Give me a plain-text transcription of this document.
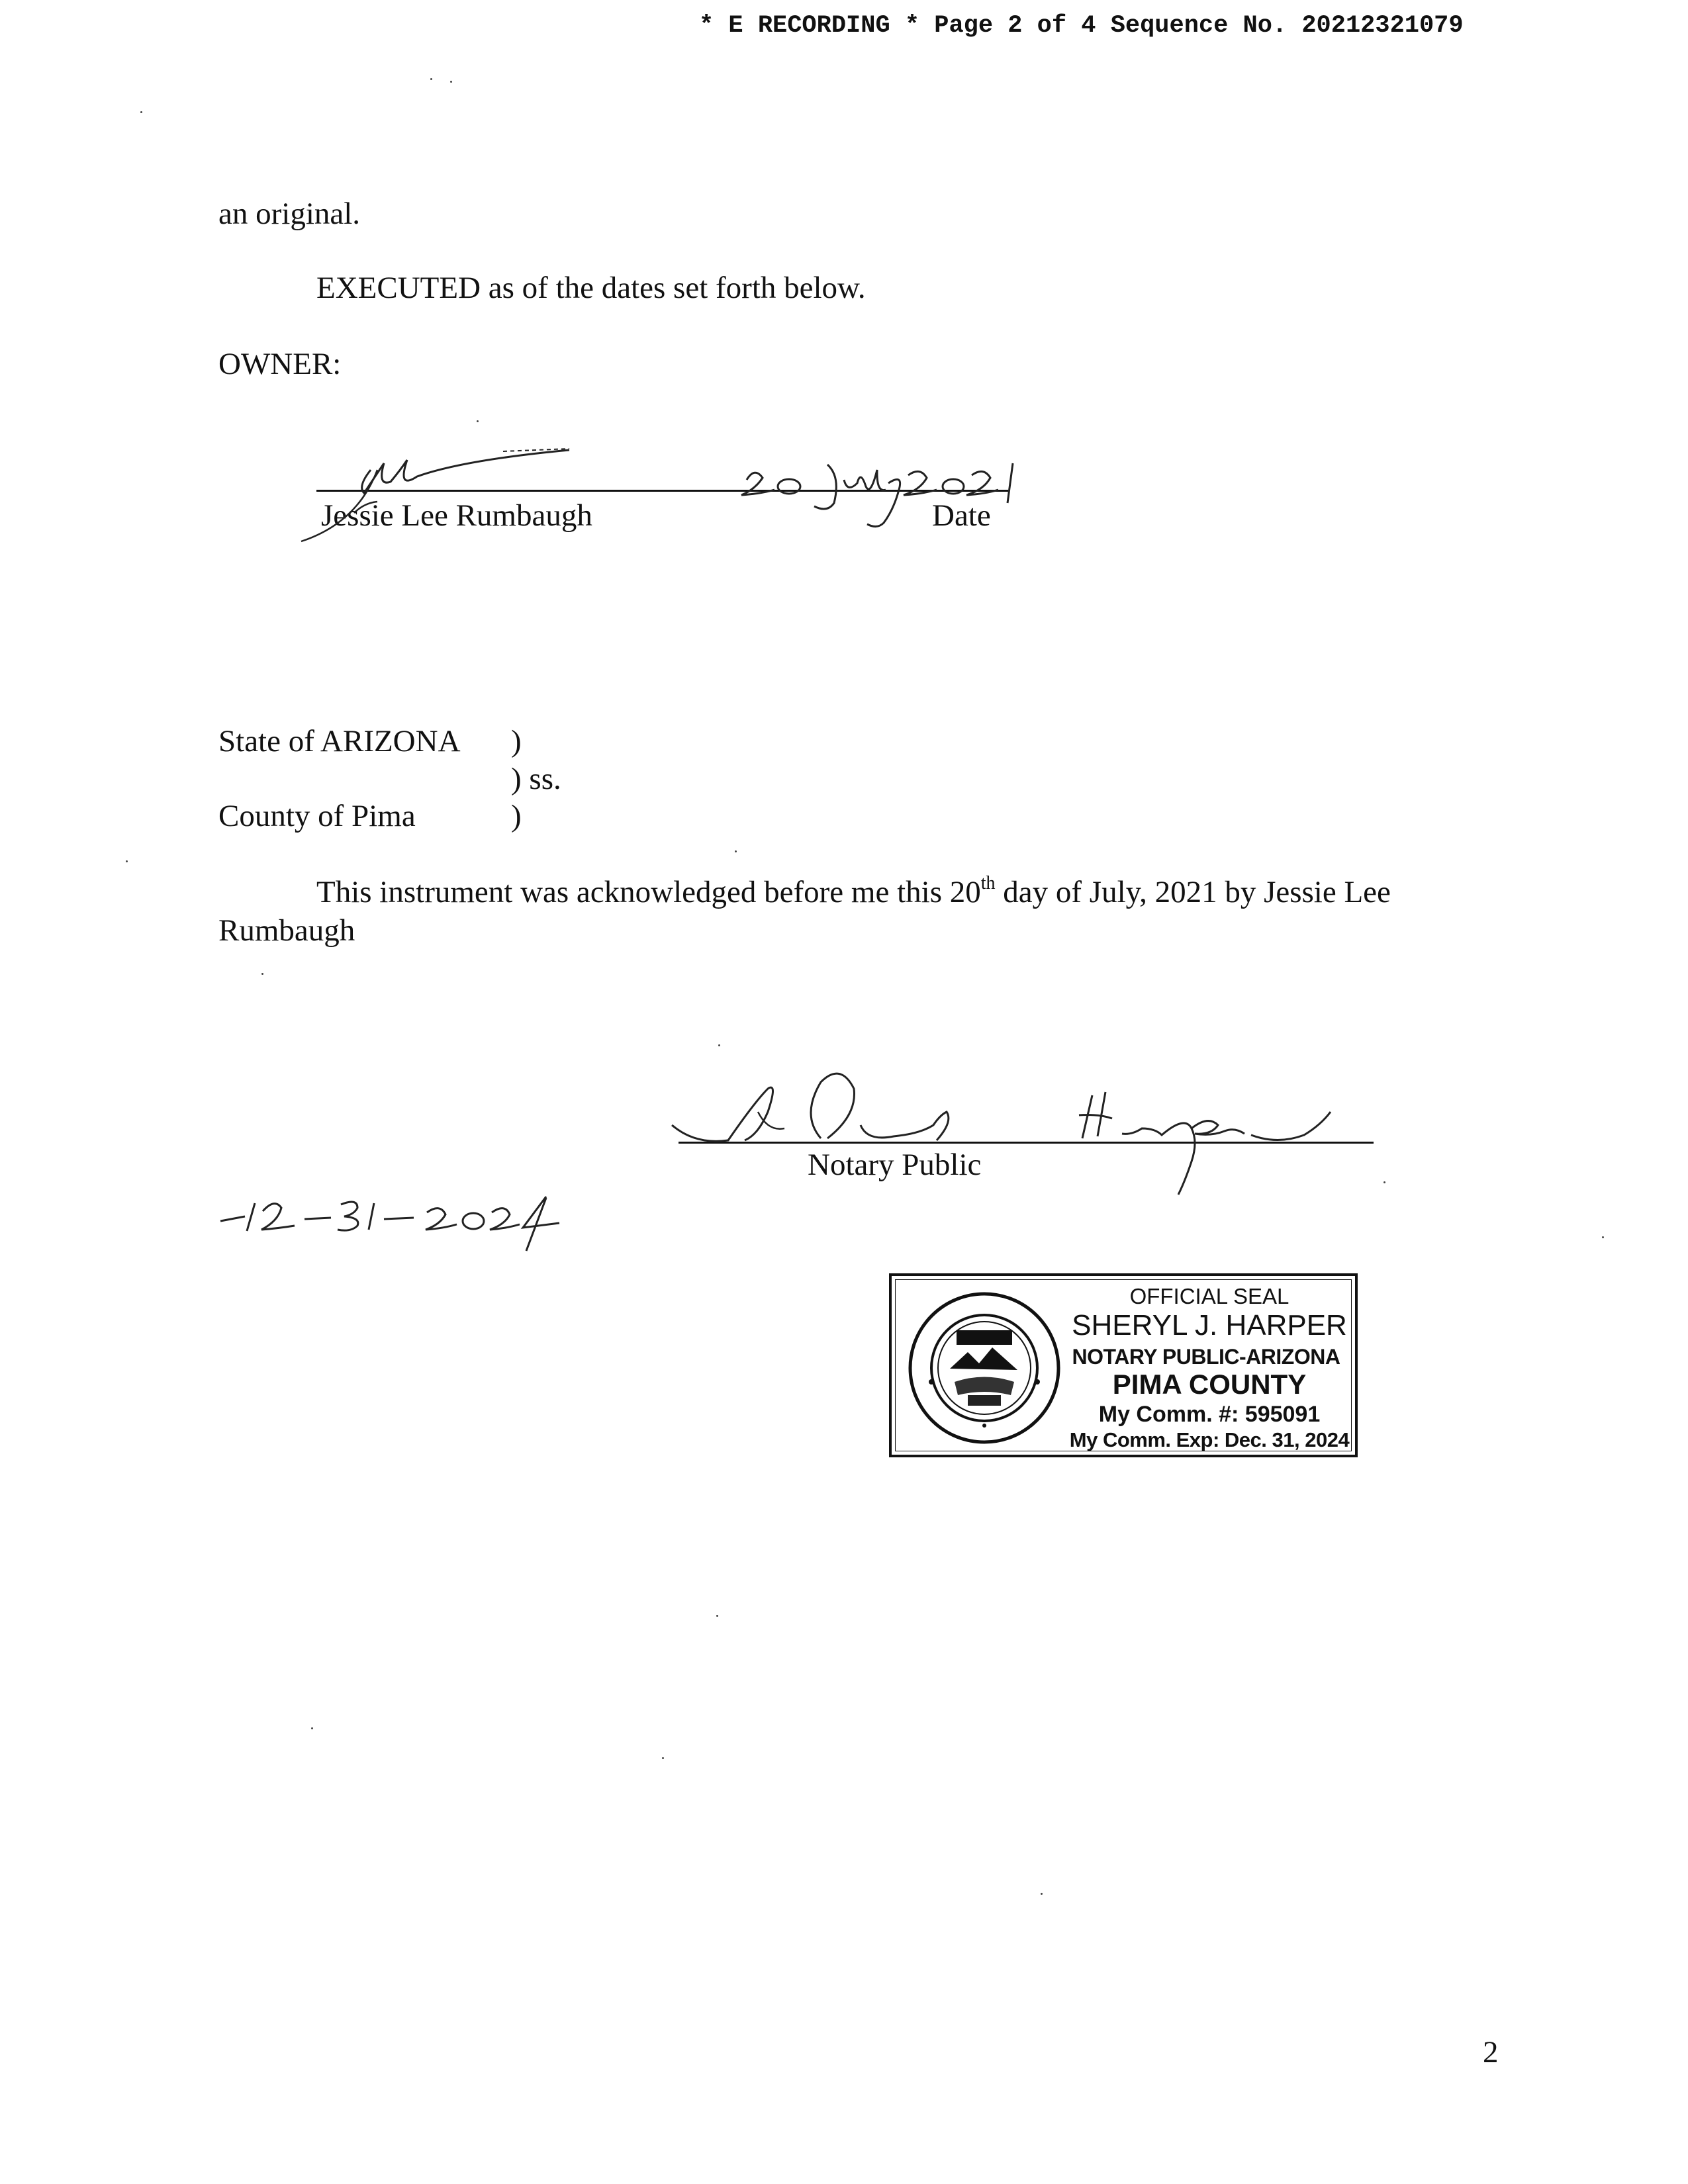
* E RECORDING * Page 2 of 4 Sequence No. 20212321079
an original.
EXECUTED as of the dates set forth below.
OWNER:
Jessie Lee Rumbaugh	Date
State of ARIZONA )
) ss.
County of Pima	)
This instrument was acknowledged before me this 20th day of July, 2021 by Jessie Lee
Rumbaugh
Notary Public
OFFICIAL SEAL
SHERYL J. HARPER
NOTARY PUBLIC-ARIZONA
PIMA COUNTY
My Comm. #: 595091
My Comm. Exp: Dec. 31, 2024
2
